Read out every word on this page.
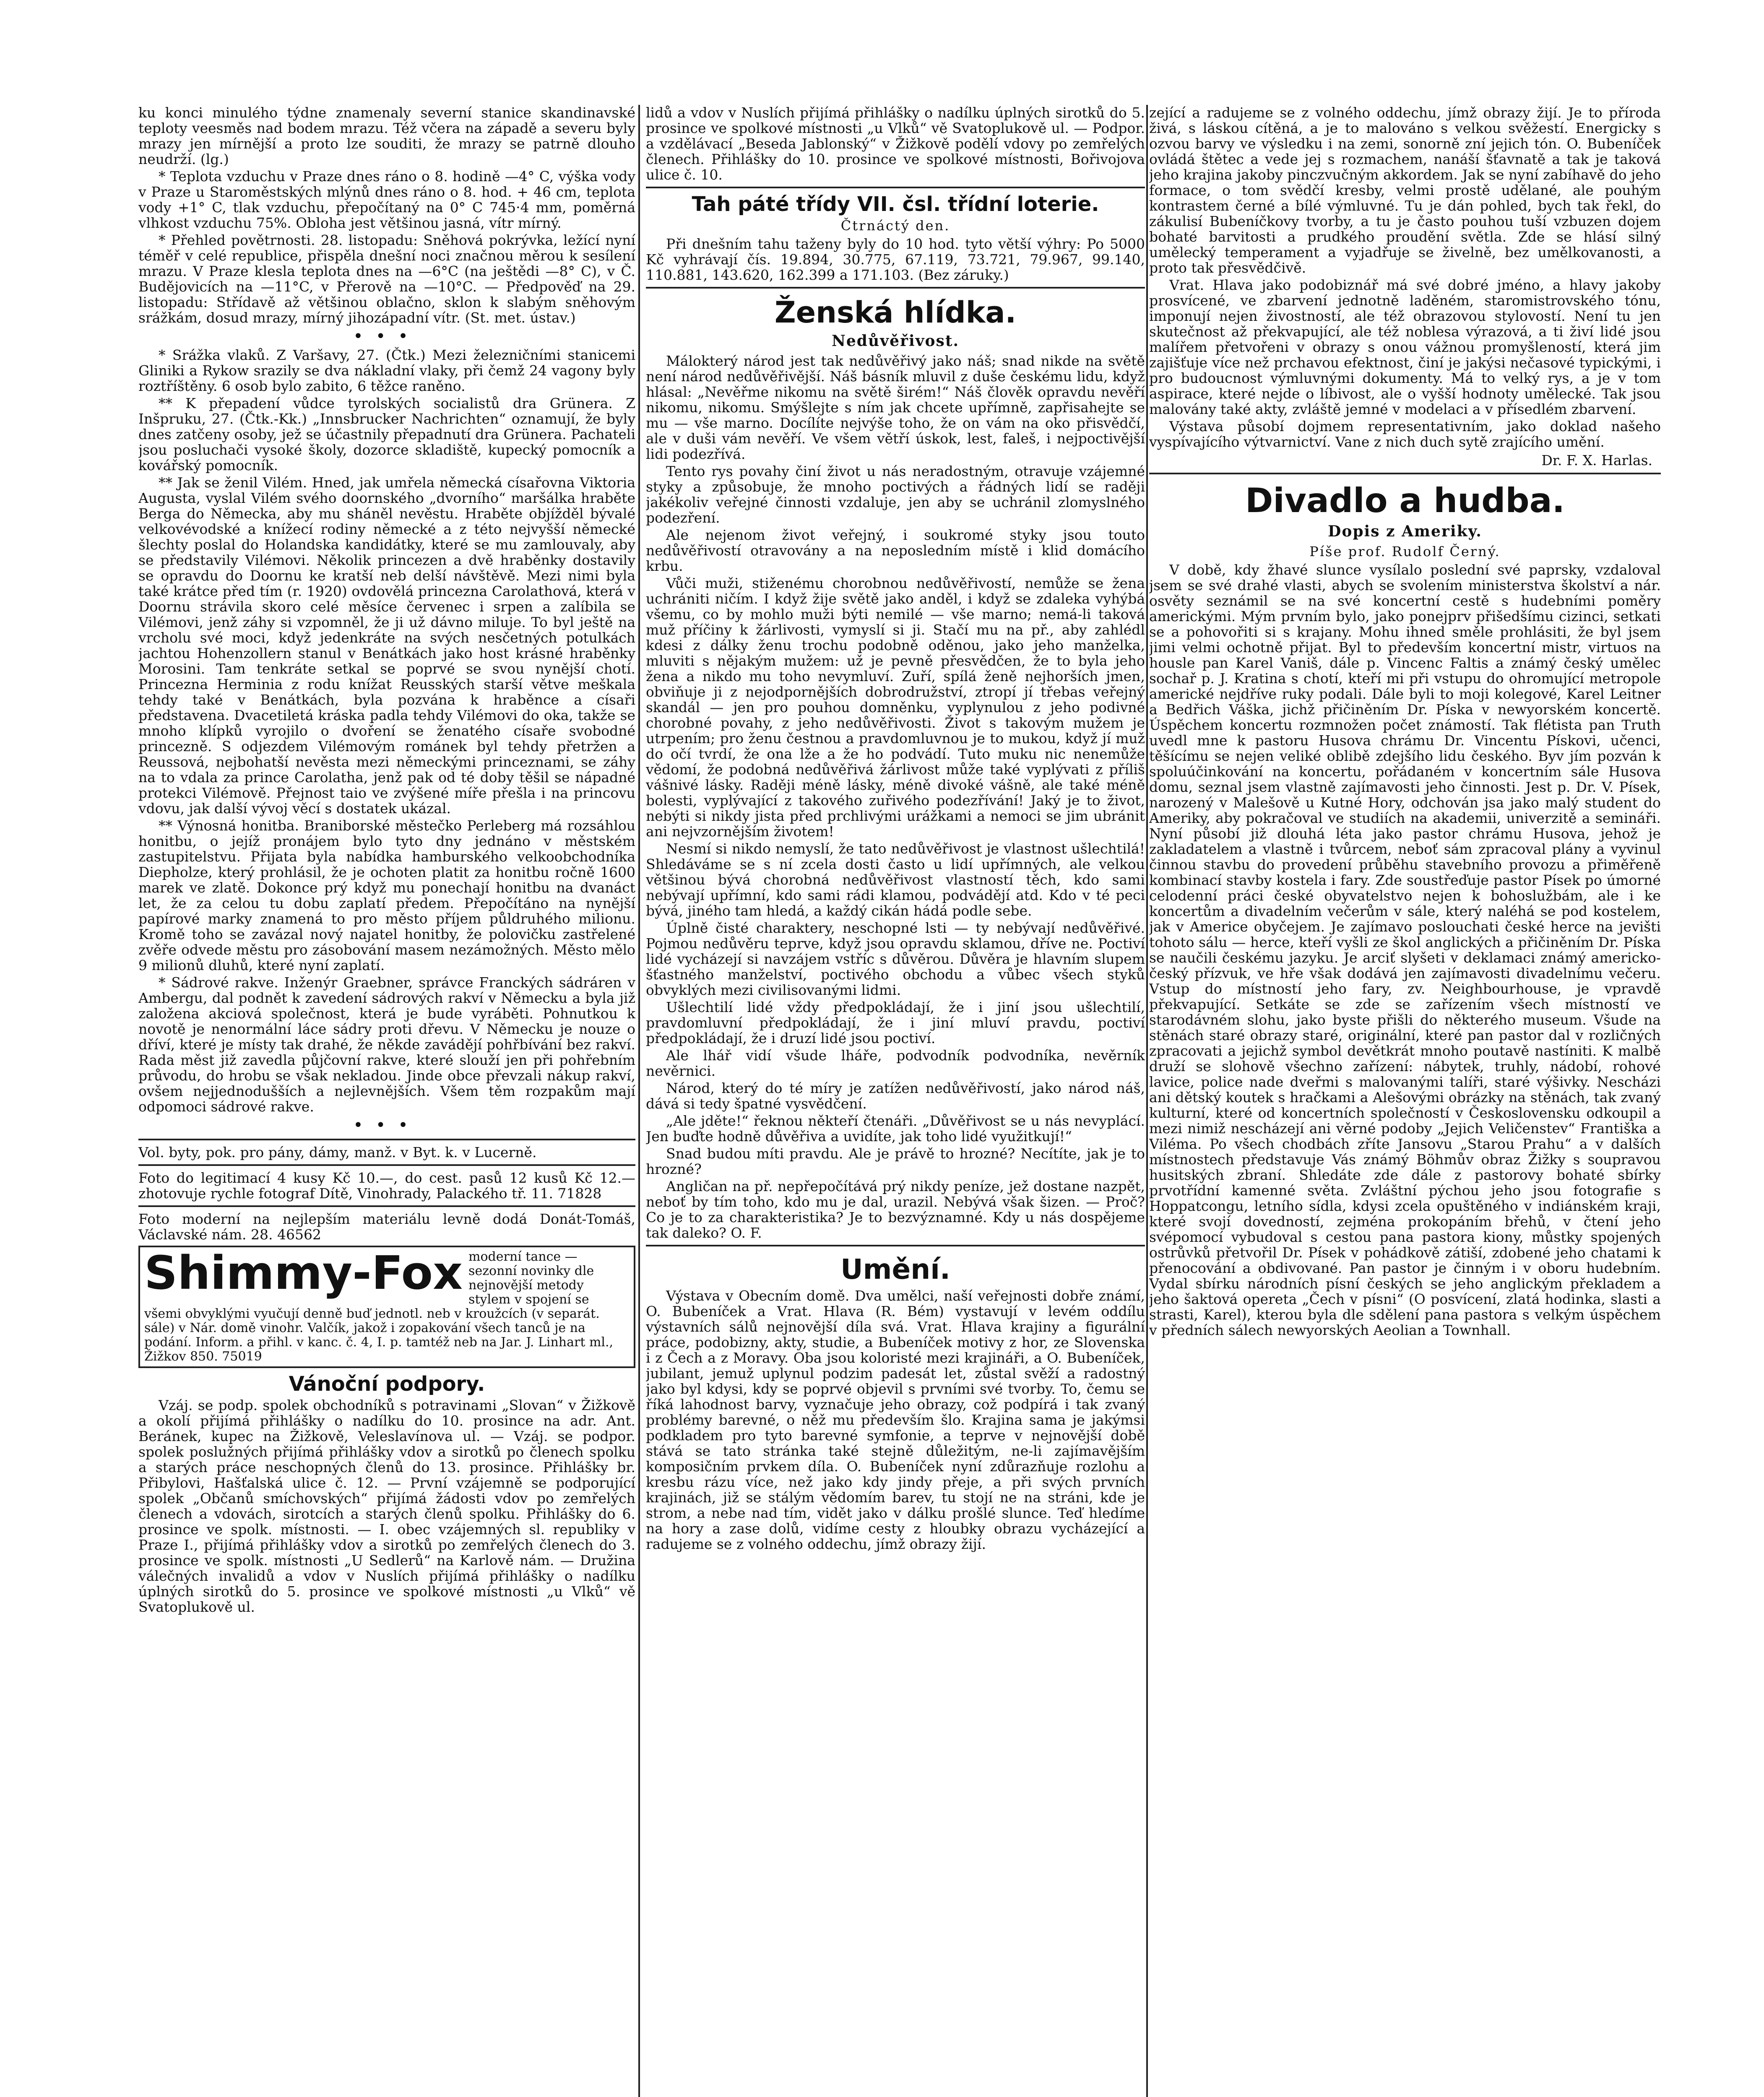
ku konci minulého týdne znamenaly severní stanice skandinavské teploty veesměs nad bodem mrazu. Též včera na západě a severu byly mrazy jen mírnější a proto lze souditi, že mrazy se patrně dlouho neudrží. (lg.)

* Teplota vzduchu v Praze dnes ráno o 8. hodině —4° C, výška vody v Praze u Staroměstských mlýnů dnes ráno o 8. hod. + 46 cm, teplota vody +1° C, tlak vzduchu, přepočítaný na 0° C 745·4 mm, poměrná vlhkost vzduchu 75%. Obloha jest většinou jasná, vítr mírný.

* Přehled povětrnosti. 28. listopadu: Sněhová pokrývka, ležící nyní téměř v celé republice, přispěla dnešní noci značnou měrou k sesílení mrazu. V Praze klesla teplota dnes na —6°C (na ještědi —8° C), v Č. Budějovicích na —11°C, v Přerově na —10°C. — Předpověď na 29. listopadu: Střídavě až většinou oblačno, sklon k slabým sněhovým srážkám, dosud mrazy, mírný jihozápadní vítr. (St. met. ústav.)

•••

* Srážka vlaků. Z Varšavy, 27. (Čtk.) Mezi železničními stanicemi Gliniki a Rykow srazily se dva nákladní vlaky, při čemž 24 vagony byly roztříštěny. 6 osob bylo zabito, 6 těžce raněno.

** K přepadení vůdce tyrolských socialistů dra Grünera. Z Inšpruku, 27. (Čtk.-Kk.) „Innsbrucker Nachrichten“ oznamují, že byly dnes zatčeny osoby, jež se účastnily přepadnutí dra Grünera. Pachateli jsou posluchači vysoké školy, dozorce skladiště, kupecký pomocník a kovářský pomocník.

** Jak se ženil Vilém. Hned, jak umřela německá císařovna Viktoria Augusta, vyslal Vilém svého doornského „dvorního“ maršálka hraběte Berga do Německa, aby mu sháněl nevěstu. Hraběte objížděl bývalé velkovévodské a knížecí rodiny německé a z této nejvyšší německé šlechty poslal do Holandska kandidátky, které se mu zamlouvaly, aby se představily Vilémovi. Několik princezen a dvě hraběnky dostavily se opravdu do Doornu ke kratší neb delší návštěvě. Mezi nimi byla také krátce před tím (r. 1920) ovdovělá princezna Carolathová, která v Doornu strávila skoro celé měsíce červenec i srpen a zalíbila se Vilémovi, jenž záhy si vzpomněl, že ji už dávno miluje. To byl ještě na vrcholu své moci, když jedenkráte na svých nesčetných potulkách jachtou Hohenzollern stanul v Benátkách jako host krásné hraběnky Morosini. Tam tenkráte setkal se poprvé se svou nynější chotí. Princezna Herminia z rodu knížat Reusských starší větve meškala tehdy také v Benátkách, byla pozvána k hraběnce a císaři představena. Dvacetiletá kráska padla tehdy Vilémovi do oka, takže se mnoho klípků vyrojilo o dvoření se ženatého císaře svobodné princezně. S odjezdem Vilémovým románek byl tehdy přetržen a Reussová, nejbohatší nevěsta mezi německými princeznami, se záhy na to vdala za prince Carolatha, jenž pak od té doby těšil se nápadné protekci Vilémově. Přejnost taio ve zvýšené míře přešla i na princovu vdovu, jak další vývoj věcí s dostatek ukázal.

** Výnosná honitba. Braniborské městečko Perleberg má rozsáhlou honitbu, o jejíž pronájem bylo tyto dny jednáno v městském zastupitelstvu. Přijata byla nabídka hamburského velkoobchodníka Diepholze, který prohlásil, že je ochoten platit za honitbu ročně 1600 marek ve zlatě. Dokonce prý když mu ponechají honitbu na dvanáct let, že za celou tu dobu zaplatí předem. Přepočítáno na nynější papírové marky znamená to pro město příjem půldruhého milionu. Kromě toho se zavázal nový najatel honitby, že polovičku zastřelené zvěře odvede městu pro zásobování masem nezámožných. Město mělo 9 milionů dluhů, které nyní zaplatí.

* Sádrové rakve. Inženýr Graebner, správce Franckých sádráren v Ambergu, dal podnět k zavedení sádrových rakví v Německu a byla již založena akciová společnost, která je bude vyráběti. Pohnutkou k novotě je nenormální láce sádry proti dřevu. V Německu je nouze o dříví, které je místy tak drahé, že někde zavádějí pohřbívání bez rakví. Rada měst již zavedla půjčovní rakve, které slouží jen při pohřebním průvodu, do hrobu se však nekladou. Jinde obce převzali nákup rakví, ovšem nejjednodušších a nejlevnějších. Všem těm rozpakům mají odpomoci sádrové rakve.

•••

Vol. byty, pok. pro pány, dámy, manž. v Byt. k. v Lucerně.

Foto do legitimací 4 kusy Kč 10.—, do cest. pasů 12 kusů Kč 12.— zhotovuje rychle fotograf Dítě, Vinohrady, Palackého tř. 11. 71828

Foto moderní na nejlepším materiálu levně dodá Donát-Tomáš, Václavské nám. 28. 46562

Shimmy-Fox moderní tance — sezonní novinky dle nejnovější metody stylem v spojení se všemi obvyklými vyučují denně buď jednotl. neb v kroužcích (v separát. sále) v Nár. domě vinohr. Valčík, jakož i zopakování všech tanců je na podání. Inform. a přihl. v kanc. č. 4, I. p. tamtéž neb na Jar. J. Linhart ml., Žižkov 850. 75019
Vánoční podpory.

Vzáj. se podp. spolek obchodníků s potravinami „Slovan“ v Žižkově a okolí přijímá přihlášky o nadílku do 10. prosince na adr. Ant. Beránek, kupec na Žižkově, Veleslavínova ul. — Vzáj. se podpor. spolek poslužných přijímá přihlášky vdov a sirotků po členech spolku a starých práce neschopných členů do 13. prosince. Přihlášky br. Přibylovi, Hašťalská ulice č. 12. — První vzájemně se podporující spolek „Občanů smíchovských“ přijímá žádosti vdov po zemřelých členech a vdovách, sirotcích a starých členů spolku. Přihlášky do 6. prosince ve spolk. místnosti. — I. obec vzájemných sl. republiky v Praze I., přijímá přihlášky vdov a sirotků po zemřelých členech do 3. prosince ve spolk. místnosti „U Sedlerů“ na Karlově nám. — Družina válečných invalidů a vdov v Nuslích přijímá přihlášky o nadílku úplných sirotků do 5. prosince ve spolkové místnosti „u Vlků“ vě Svatoplukově ul.

lidů a vdov v Nuslích přijímá přihlášky o nadílku úplných sirotků do 5. prosince ve spolkové místnosti „u Vlků“ vě Svatoplukově ul. — Podpor. a vzdělávací „Beseda Jablonský“ v Žižkově podělí vdovy po zemřelých členech. Přihlášky do 10. prosince ve spolkové místnosti, Bořivojova ulice č. 10.

Tah páté třídy VII. čsl. třídní loterie.
Čtrnáctý den.

Při dnešním tahu taženy byly do 10 hod. tyto větší výhry: Po 5000 Kč vyhrávají čís. 19.894, 30.775, 67.119, 73.721, 79.967, 99.140, 110.881, 143.620, 162.399 a 171.103. (Bez záruky.)

Ženská hlídka.
Nedůvěřivost.

Málokterý národ jest tak nedůvěřivý jako náš; snad nikde na světě není národ nedůvěřivější. Náš básník mluvil z duše českému lidu, když hlásal: „Nevěřme nikomu na světě širém!“ Náš člověk opravdu nevěří nikomu, nikomu. Smýšlejte s ním jak chcete upřímně, zapřisahejte se mu — vše marno. Docílíte nejvýše toho, že on vám na oko přisvědčí, ale v duši vám nevěří. Ve všem větří úskok, lest, faleš, i nejpoctivější lidi podezřívá.

Tento rys povahy činí život u nás neradostným, otravuje vzájemné styky a způsobuje, že mnoho poctivých a řádných lidí se raději jakékoliv veřejné činnosti vzdaluje, jen aby se uchránil zlomyslného podezření.

Ale nejenom život veřejný, i soukromé styky jsou touto nedůvěřivostí otravovány a na neposledním místě i klid domácího krbu.

Vůči muži, stiženému chorobnou nedůvěřivostí, nemůže se žena uchrániti ničím. I když žije světě jako anděl, i když se zdaleka vyhýbá všemu, co by mohlo muži býti nemilé — vše marno; nemá-li taková muž příčiny k žárlivosti, vymyslí si ji. Stačí mu na př., aby zahlédl kdesi z dálky ženu trochu podobně oděnou, jako jeho manželka, mluviti s nějakým mužem: už je pevně přesvědčen, že to byla jeho žena a nikdo mu toho nevymluví. Zuří, spílá ženě nejhorších jmen, obviňuje ji z nejodpornějších dobrodružství, ztropí jí třebas veřejný skandál — jen pro pouhou domněnku, vyplynulou z jeho podivné chorobné povahy, z jeho nedůvěřivosti. Život s takovým mužem je utrpením; pro ženu čestnou a pravdomluvnou je to mukou, když jí muž do očí tvrdí, že ona lže a že ho podvádí. Tuto muku nic nenemůže vědomí, že podobná nedůvěřivá žárlivost může také vyplývati z příliš vášnivé lásky. Raději méně lásky, méně divoké vášně, ale také méně bolesti, vyplývající z takového zuřivého podezřívání! Jaký je to život, nebýti si nikdy jista před prchlivými urážkami a nemoci se jim ubránit ani nejvzornějším životem!

Nesmí si nikdo nemyslí, že tato nedůvěřivost je vlastnost ušlechtilá! Shledáváme se s ní zcela dosti často u lidí upřímných, ale velkou většinou bývá chorobná nedůvěřivost vlastností těch, kdo sami nebývají upřímní, kdo sami rádi klamou, podvádějí atd. Kdo v té peci bývá, jiného tam hledá, a každý cikán hádá podle sebe.

Úplně čisté charaktery, neschopné lsti — ty nebývají nedůvěřivé. Pojmou nedůvěru teprve, když jsou opravdu sklamou, dříve ne. Poctiví lidé vycházejí si navzájem vstříc s důvěrou. Důvěra je hlavním slupem šťastného manželství, poctivého obchodu a vůbec všech styků obvyklých mezi civilisovanými lidmi.

Ušlechtilí lidé vždy předpokládají, že i jiní jsou ušlechtilí, pravdomluvní předpokládají, že i jiní mluví pravdu, poctiví předpokládají, že i druzí lidé jsou poctiví.

Ale lhář vidí všude lháře, podvodník podvodníka, nevěrník nevěrnici.

Národ, který do té míry je zatížen nedůvěřivostí, jako národ náš, dává si tedy špatné vysvědčení.

„Ale jděte!“ řeknou někteří čtenáři. „Důvěřivost se u nás nevyplácí. Jen buďte hodně důvěřiva a uvidíte, jak toho lidé využitkují!“

Snad budou míti pravdu. Ale je právě to hrozné? Necítíte, jak je to hrozné?

Angličan na př. nepřepočítává prý nikdy peníze, jež dostane nazpět, neboť by tím toho, kdo mu je dal, urazil. Nebývá však šizen. — Proč? Co je to za charakteristika? Je to bezvýznamné. Kdy u nás dospějeme tak daleko? O. F.

Umění.

Výstava v Obecním domě. Dva umělci, naší veřejnosti dobře známí, O. Bubeníček a Vrat. Hlava (R. Bém) vystavují v levém oddílu výstavních sálů nejnovější díla svá. Vrat. Hlava krajiny a figurální práce, podobizny, akty, studie, a Bubeníček motivy z hor, ze Slovenska i z Čech a z Moravy. Oba jsou koloristé mezi krajináři, a O. Bubeníček, jubilant, jemuž uplynul podzim padesát let, zůstal svěží a radostný jako byl kdysi, kdy se poprvé objevil s prvními své tvorby. To, čemu se říká lahodnost barvy, vyznačuje jeho obrazy, což podpírá i tak zvaný problémy barevné, o něž mu především šlo. Krajina sama je jakýmsi podkladem pro tyto barevné symfonie, a teprve v nejnovější době stává se tato stránka také stejně důležitým, ne-li zajímavějším komposičním prvkem díla. O. Bubeníček nyní zdůrazňuje rozlohu a kresbu rázu více, než jako kdy jindy přeje, a při svých prvních krajinách, již se stálým vědomím barev, tu stojí ne na stráni, kde je strom, a nebe nad tím, vidět jako v dálku prošlé slunce. Teď hledíme na hory a zase dolů, vidíme cesty z hloubky obrazu vycházející a radujeme se z volného oddechu, jímž obrazy žijí.

zející a radujeme se z volného oddechu, jímž obrazy žijí. Je to příroda živá, s láskou cítěná, a je to malováno s velkou svěžestí. Energicky s ozvou barvy ve výsledku i na zemi, sonorně zní jejich tón. O. Bubeníček ovládá štětec a vede jej s rozmachem, nanáší šťavnatě a tak je taková jeho krajina jakoby pinczvučným akkordem. Jak se nyní zabíhavě do jeho formace, o tom svědčí kresby, velmi prostě udělané, ale pouhým kontrastem černé a bílé výmluvné. Tu je dán pohled, bych tak řekl, do zákulisí Bubeníčkovy tvorby, a tu je často pouhou tuší vzbuzen dojem bohaté barvitosti a prudkého proudění světla. Zde se hlásí silný umělecký temperament a vyjadřuje se živelně, bez umělkovanosti, a proto tak přesvědčivě.

Vrat. Hlava jako podobiznář má své dobré jméno, a hlavy jakoby prosvícené, ve zbarvení jednotně laděném, staromistrovského tónu, imponují nejen živostností, ale též obrazovou stylovostí. Není tu jen skutečnost až překvapující, ale též noblesa výrazová, a ti živí lidé jsou malířem přetvořeni v obrazy s onou vážnou promyšleností, která jim zajišťuje více než prchavou efektnost, činí je jakýsi nečasové typickými, i pro budoucnost výmluvnými dokumenty. Má to velký rys, a je v tom aspirace, které nejde o líbivost, ale o vyšší hodnoty umělecké. Tak jsou malovány také akty, zvláště jemné v modelaci a v přísedlém zbarvení.

Výstava působí dojmem representativním, jako doklad našeho vyspívajícího výtvarnictví. Vane z nich duch sytě zrajícího umění.

Dr. F. X. Harlas.
Divadlo a hudba.
Dopis z Ameriky.
Píše prof. Rudolf Černý.

V době, kdy žhavé slunce vysílalo poslední své paprsky, vzdaloval jsem se své drahé vlasti, abych se svolením ministerstva školství a nár. osvěty seznámil se na své koncertní cestě s hudebními poměry americkými. Mým prvním bylo, jako ponejprv přišedšímu cizinci, setkati se a pohovořiti si s krajany. Mohu ihned směle prohlásiti, že byl jsem jimi velmi ochotně přijat. Byl to především koncertní mistr, virtuos na housle pan Karel Vaniš, dále p. Vincenc Faltis a známý český umělec sochař p. J. Kratina s chotí, kteří mi při vstupu do ohromující metropole americké nejdříve ruky podali. Dále byli to moji kolegové, Karel Leitner a Bedřich Váška, jichž přičiněním Dr. Píska v newyorském koncertě. Úspěchem koncertu rozmnožen počet známostí. Tak flétista pan Truth uvedl mne k pastoru Husova chrámu Dr. Vincentu Pískovi, učenci, těšícímu se nejen veliké oblibě zdejšího lidu českého. Byv jím pozván k spoluúčinkování na koncertu, pořádaném v koncertním sále Husova domu, seznal jsem vlastně zajímavosti jeho činnosti. Jest p. Dr. V. Písek, narozený v Malešově u Kutné Hory, odchován jsa jako malý student do Ameriky, aby pokračoval ve studiích na akademii, univerzitě a semináři. Nyní působí již dlouhá léta jako pastor chrámu Husova, jehož je zakladatelem a vlastně i tvůrcem, neboť sám zpracoval plány a vyvinul činnou stavbu do provedení průběhu stavebního provozu a přiměřeně kombinací stavby kostela i fary. Zde soustřeďuje pastor Písek po úmorné celodenní práci české obyvatelstvo nejen k bohoslužbám, ale i ke koncertům a divadelním večerům v sále, který naléhá se pod kostelem, jak v Americe obyčejem. Je zajímavo poslouchati české herce na jevišti tohoto sálu — herce, kteří vyšli ze škol anglických a přičiněním Dr. Píska se naučili českému jazyku. Je arciť slyšeti v deklamaci známý americko-český přízvuk, ve hře však dodává jen zajímavosti divadelnímu večeru. Vstup do místností jeho fary, zv. Neighbourhouse, je vpravdě překvapující. Setkáte se zde se zařízením všech místností ve starodávném slohu, jako byste přišli do některého museum. Všude na stěnách staré obrazy staré, originální, které pan pastor dal v rozličných zpracovati a jejichž symbol devětkrát mnoho poutavě nastíniti. K malbě druží se slohově všechno zařízení: nábytek, truhly, nádobí, rohové lavice, police nade dveřmi s malovanými talíři, staré výšivky. Nescházi ani dětský koutek s hračkami a Alešovými obrázky na stěnách, tak zvaný kulturní, které od koncertních společností v Československu odkoupil a mezi nimiž nescházejí ani věrné podoby „Jejich Veličenstev“ Františka a Viléma. Po všech chodbách zříte Jansovu „Starou Prahu“ a v dalších místnostech představuje Vás známý Böhmův obraz Žižky s soupravou husitských zbraní. Shledáte zde dále z pastorovy bohaté sbírky prvotřídní kamenné světa. Zvláštní pýchou jeho jsou fotografie s Hoppatcongu, letního sídla, kdysi zcela opuštěného v indiánském kraji, které svojí dovedností, zejména prokopáním břehů, v čtení jeho svépomocí vybudoval s cestou pana pastora kiony, můstky spojených ostrůvků přetvořil Dr. Písek v pohádkově zátiší, zdobené jeho chatami k přenocování a obdivované. Pan pastor je činným i v oboru hudebním. Vydal sbírku národních písní českých se jeho anglickým překladem a jeho šaktová opereta „Čech v písni“ (O posvícení, zlatá hodinka, slasti a strasti, Karel), kterou byla dle sdělení pana pastora s velkým úspěchem v předních sálech newyorských Aeolian a Townhall.
